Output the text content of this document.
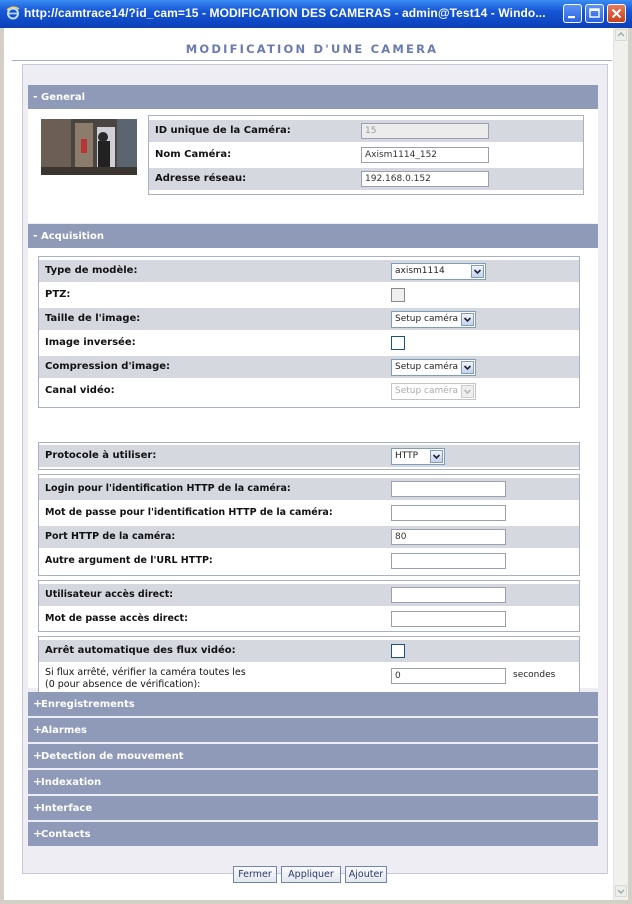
http://camtrace14/?id_cam=15 - MODIFICATION DES CAMERAS - admin@Test14 - Windo...
MODIFICATION D'UNE CAMERA
- General
ID unique de la Caméra:	15
Nom Caméra:	Axism1114_152
Adresse réseau:	192.168.0.152
- Acquisition
Type de modèle:	axism1114
PTZ:
Taille de l'image:	Setup caméra
Image inversée:
Compression d'image:	Setup caméra
Canal vidéo:	Setup caméra
Protocole à utiliser:	HTTP
Login pour l'identification HTTP de la caméra:
Mot de passe pour l'identification HTTP de la caméra:
Port HTTP de la caméra:	80
Autre argument de l'URL HTTP:
Utilisateur accès direct:
Mot de passe accès direct:
Arrêt automatique des flux vidéo:
Si flux arrêté, vérifier la caméra toutes les
(0 pour absence de vérification):
0	secondes
+Enregistrements
+Alarmes
+Detection de mouvement
+Indexation
+Interface
+Contacts
Fermer	Appliquer	Ajouter
